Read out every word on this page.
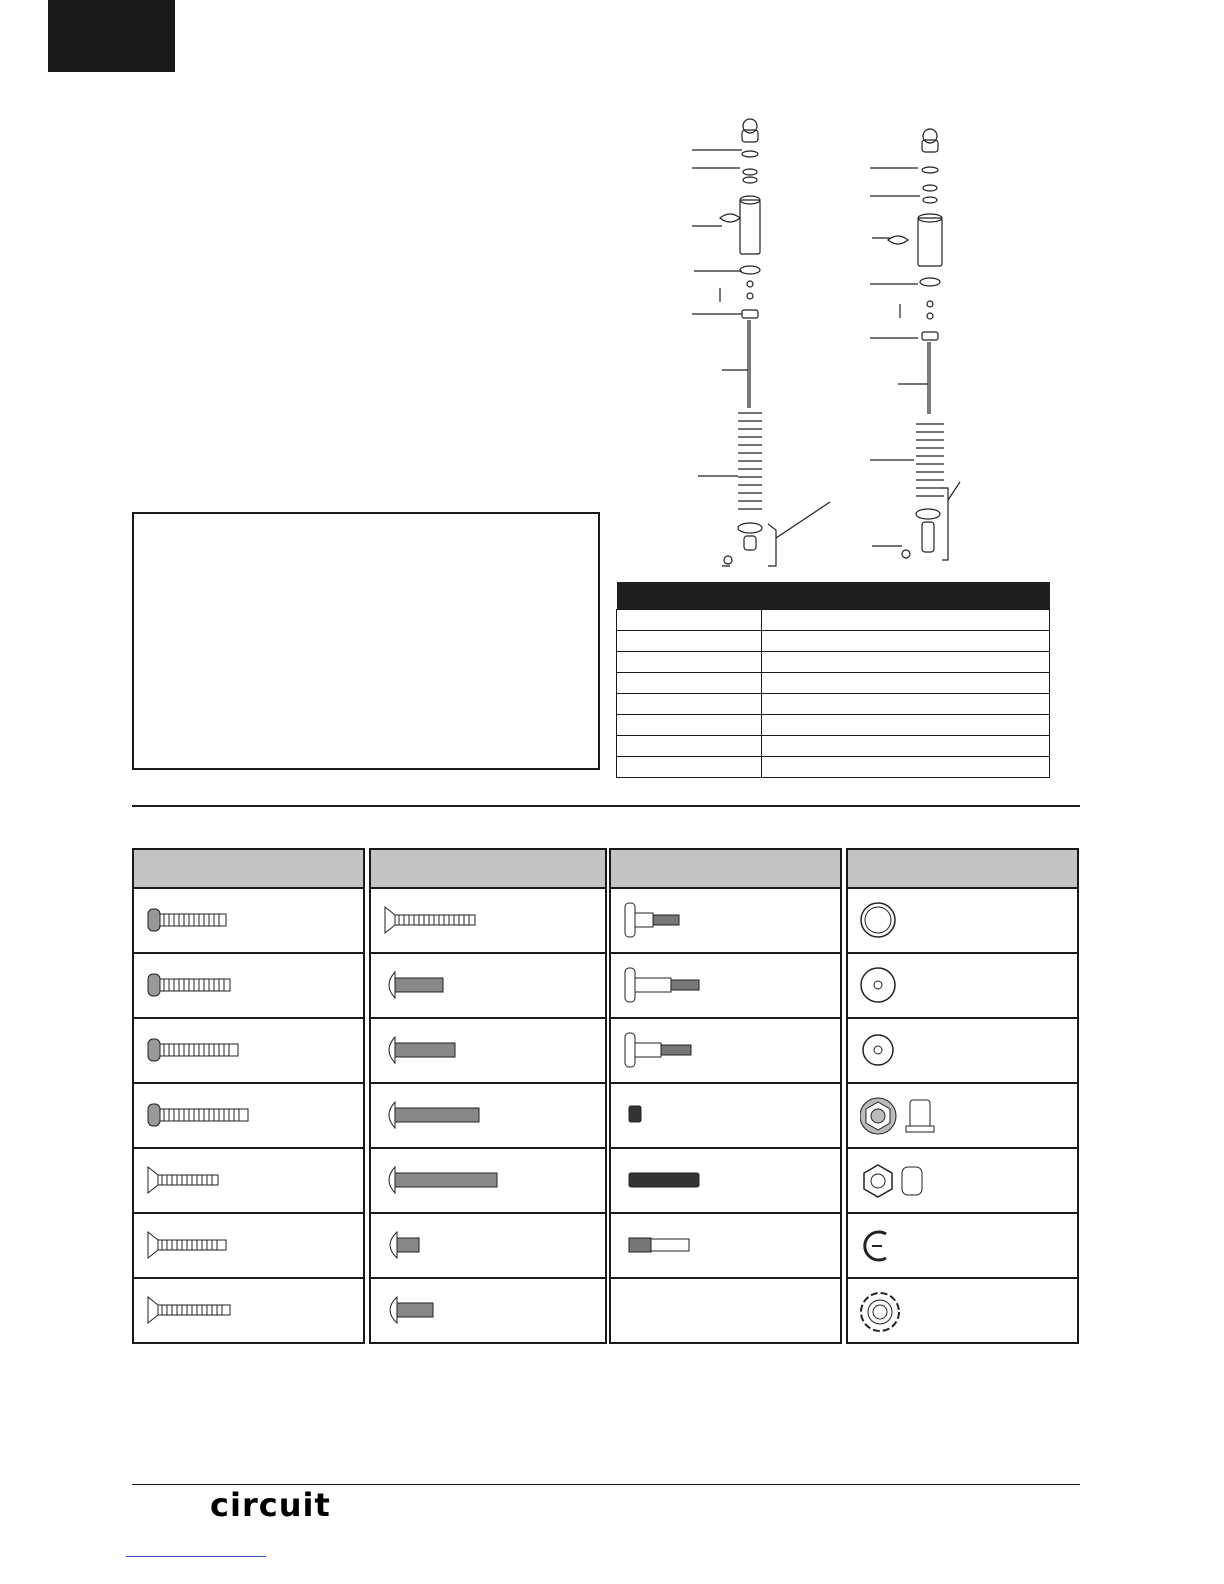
circuit
